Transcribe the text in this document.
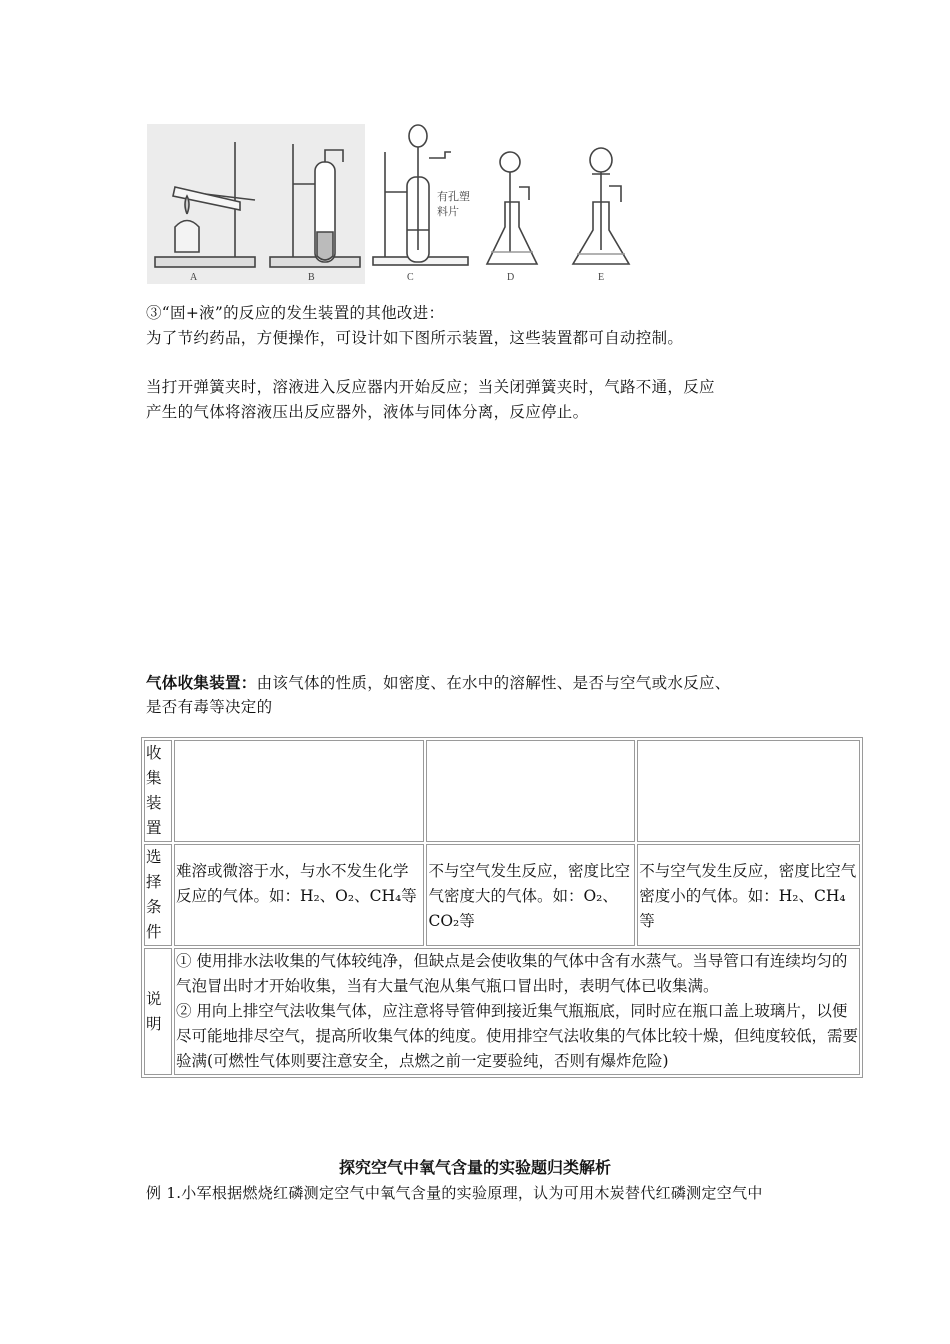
A	B	C	D	E
有孔塑
料片
③“固+液”的反应的发生装置的其他改进：
为了节约药品，方便操作，可设计如下图所示装置，这些装置都可自动控制。
当打开弹簧夹时，溶液进入反应器内开始反应；当关闭弹簧夹时，气路不通，反应
产生的气体将溶液压出反应器外，液体与同体分离，反应停止。
气体收集装置：由该气体的性质，如密度、在水中的溶解性、是否与空气或水反应、
是否有毒等决定的
收集装置			

选择条件	难溶或微溶于水，与水不发生化学反应的气体。如：H₂、O₂、CH₄等	不与空气发生反应，密度比空气密度大的气体。如：O₂、 CO₂等	不与空气发生反应，密度比空气密度小的气体。如：H₂、CH₄等

说明	① 使用排水法收集的气体较纯净，但缺点是会使收集的气体中含有水蒸气。当导管口有连续均匀的气泡冒出时才开始收集，当有大量气泡从集气瓶口冒出时，表明气体已收集满。
② 用向上排空气法收集气体，应注意将导管伸到接近集气瓶瓶底，同时应在瓶口盖上玻璃片，以便尽可能地排尽空气，提高所收集气体的纯度。使用排空气法收集的气体比较十燥，但纯度较低，需要验满(可燃性气体则要注意安全，点燃之前一定要验纯，否则有爆炸危险)		
探究空气中氧气含量的实验题归类解析
例 1.小军根据燃烧红磷测定空气中氧气含量的实验原理，认为可用木炭替代红磷测定空气中
